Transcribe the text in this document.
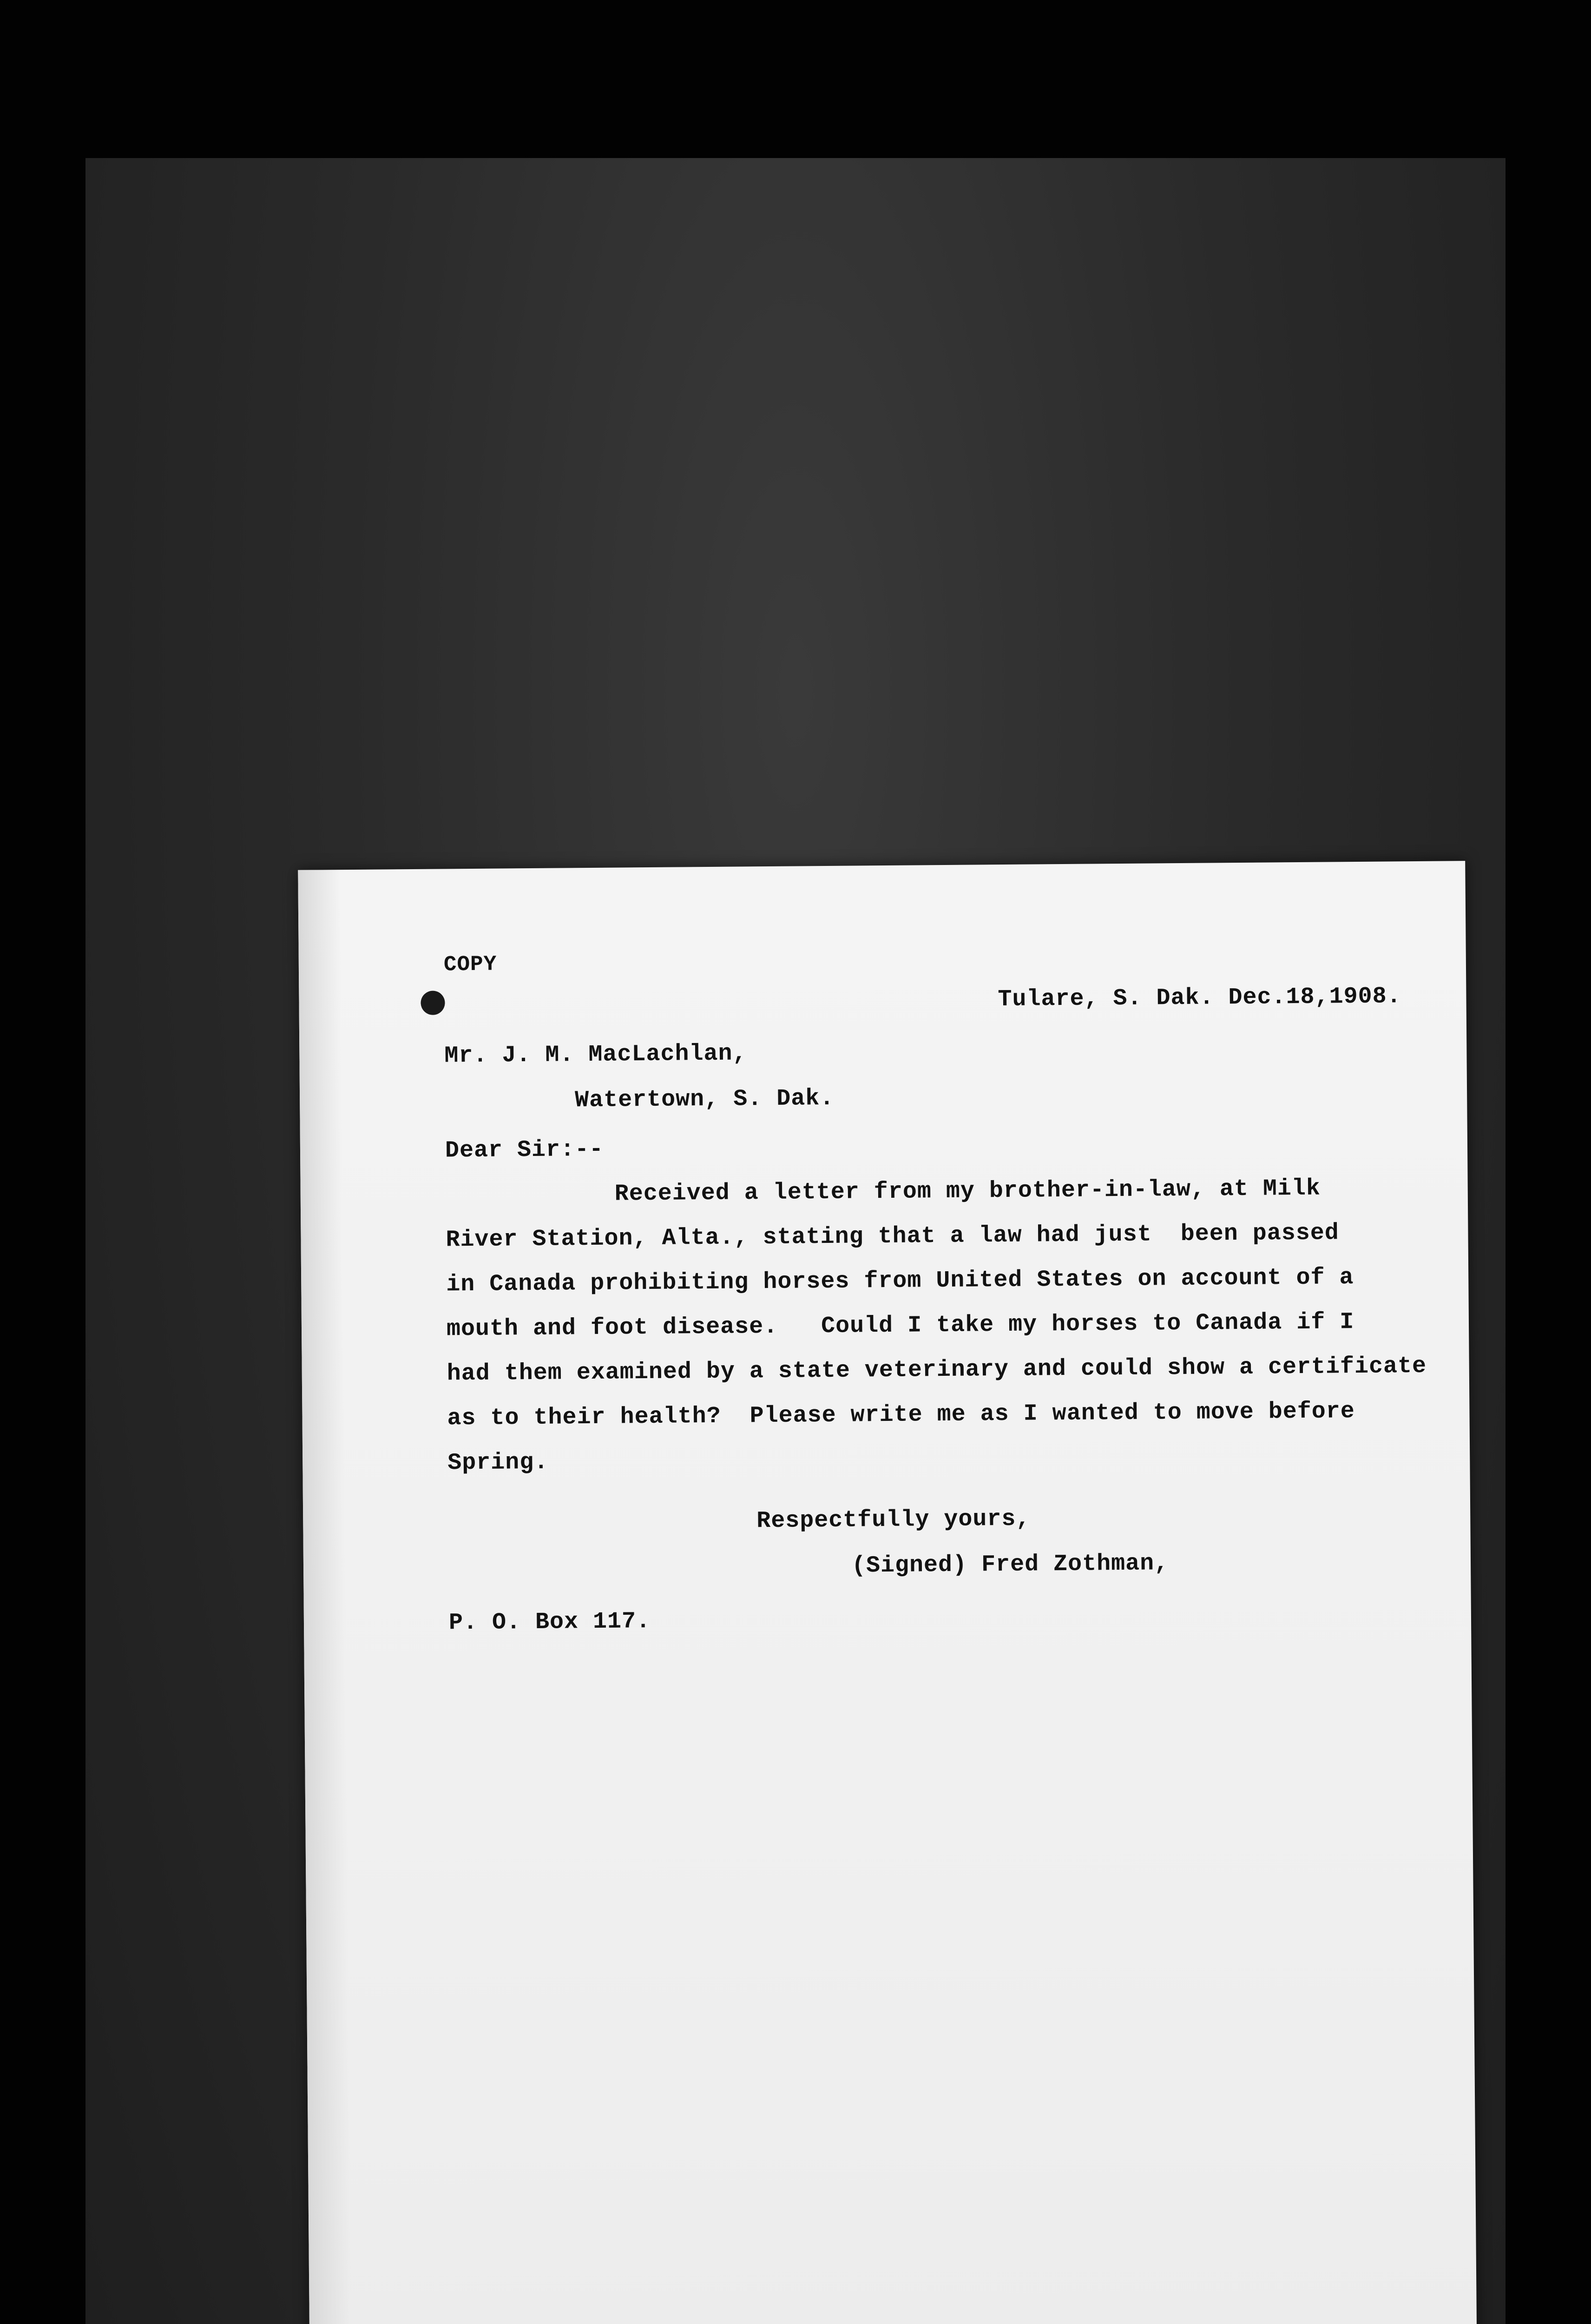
COPY
Tulare, S. Dak. Dec.18,1908.
Mr. J. M. MacLachlan,
Watertown, S. Dak.
Dear Sir:--
Received a letter from my brother-in-law, at Milk
River Station, Alta., stating that a law had just  been passed
in Canada prohibiting horses from United States on account of a
mouth and foot disease.   Could I take my horses to Canada if I
had them examined by a state veterinary and could show a certificate
as to their health?  Please write me as I wanted to move before
Spring.
Respectfully yours,
(Signed) Fred Zothman,
P. O. Box 117.
